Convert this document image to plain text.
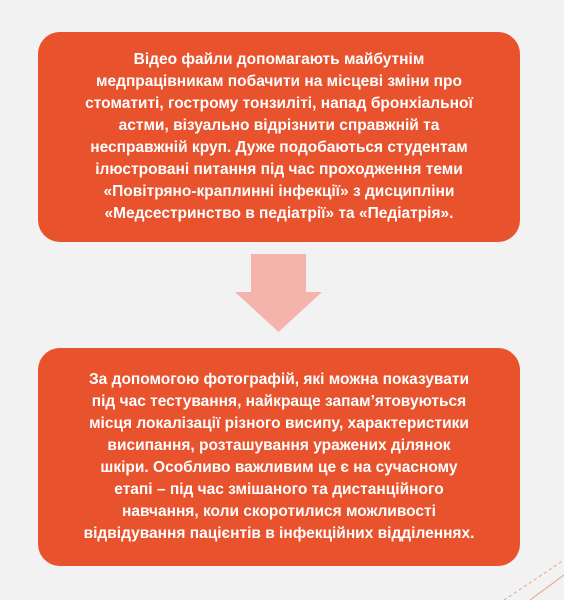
Відео файли допомагають майбутнім
медпрацівникам побачити на місцеві зміни про
стоматиті, гострому тонзиліті, напад бронхіальної
астми, візуально відрізнити справжній та
несправжній круп. Дуже подобаються студентам
ілюстровані питання під час проходження теми
«Повітряно-краплинні інфекції» з дисципліни
«Медсестринство в педіатрії» та «Педіатрія».
За допомогою фотографій, які можна показувати
під час тестування, найкраще запам’ятовуються
місця локалізації різного висипу, характеристики
висипання, розташування уражених ділянок
шкіри. Особливо важливим це є на сучасному
етапі – під час змішаного та дистанційного
навчання, коли скоротилися можливості
відвідування пацієнтів в інфекційних відділеннях.
